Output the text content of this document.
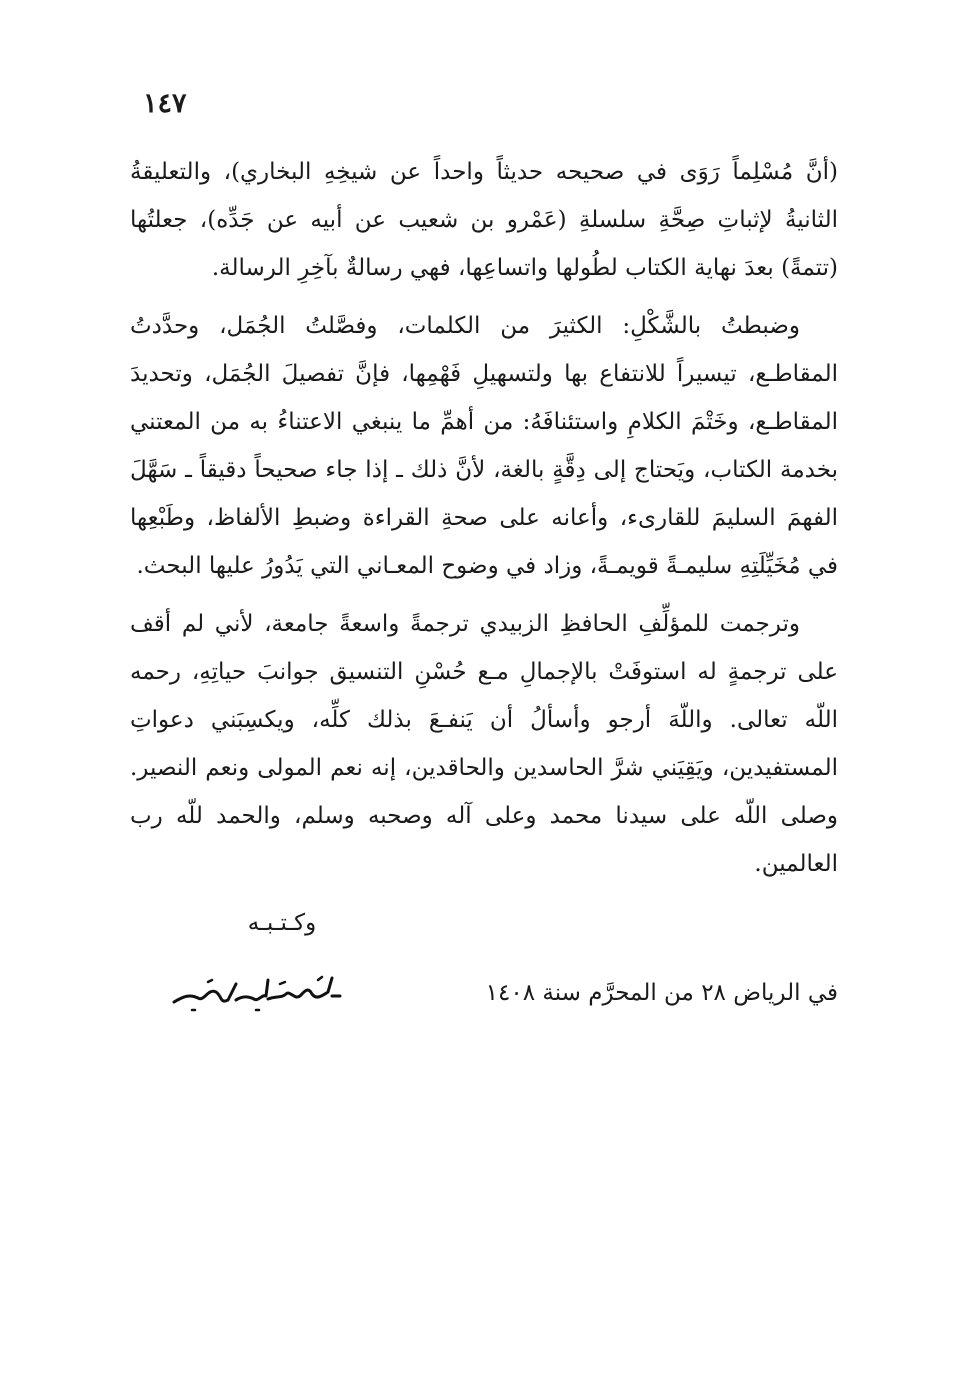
١٤٧

(أنَّ مُسْلِماً رَوَى في صحيحه حديثاً واحداً عن شيخِهِ البخاري)، والتعليقةُ الثانيةُ لإثباتِ صِحَّةِ سلسلةِ (عَمْرو بن شعيب عن أبيه عن جَدِّه)، جعلتُها (تتمةً) بعدَ نهاية الكتاب لطُولها واتساعِها، فهي رسالةٌ بآخِرِ الرسالة.

وضبطتُ بالشَّكْلِ: الكثيرَ من الكلمات، وفصَّلتُ الجُمَل، وحدَّدتُ المقاطـع، تيسيراً للانتفاع بها ولتسهيلِ فَهْمِها، فإنَّ تفصيلَ الجُمَل، وتحديدَ المقاطـع، وخَتْمَ الكلامِ واستئنافَهُ: من أهمِّ ما ينبغي الاعتناءُ به من المعتني بخدمة الكتاب، ويَحتاج إلى دِقَّةٍ بالغة، لأنَّ ذلك ـ إذا جاء صحيحاً دقيقاً ـ سَهَّلَ الفهمَ السليمَ للقارىء، وأعانه على صحةِ القراءة وضبطِ الألفاظ، وطَبْعِها في مُخَيِّلَتِهِ سليمـةً قويمـةً، وزاد في وضوح المعـاني التي يَدُورُ عليها البحث.

وترجمت للمؤلِّفِ الحافظِ الزبيدي ترجمةً واسعةً جامعة، لأني لم أقف على ترجمةٍ له استوفَتْ بالإجمالِ مـع حُسْنِ التنسيق جوانبَ حياتِهِ، رحمه اللّه تعالى. واللّهَ أرجو وأسألُ أن يَنفـعَ بذلك كلِّه، ويكسِبَني دعواتِ المستفيدين، ويَقِيَني شرَّ الحاسدين والحاقدين، إنه نعم المولى ونعم النصير. وصلى اللّه على سيدنا محمد وعلى آله وصحبه وسلم، والحمد للّه رب العالمين.

وكـتـبـه
في الرياض ٢٨ من المحرَّم سنة ١٤٠٨
